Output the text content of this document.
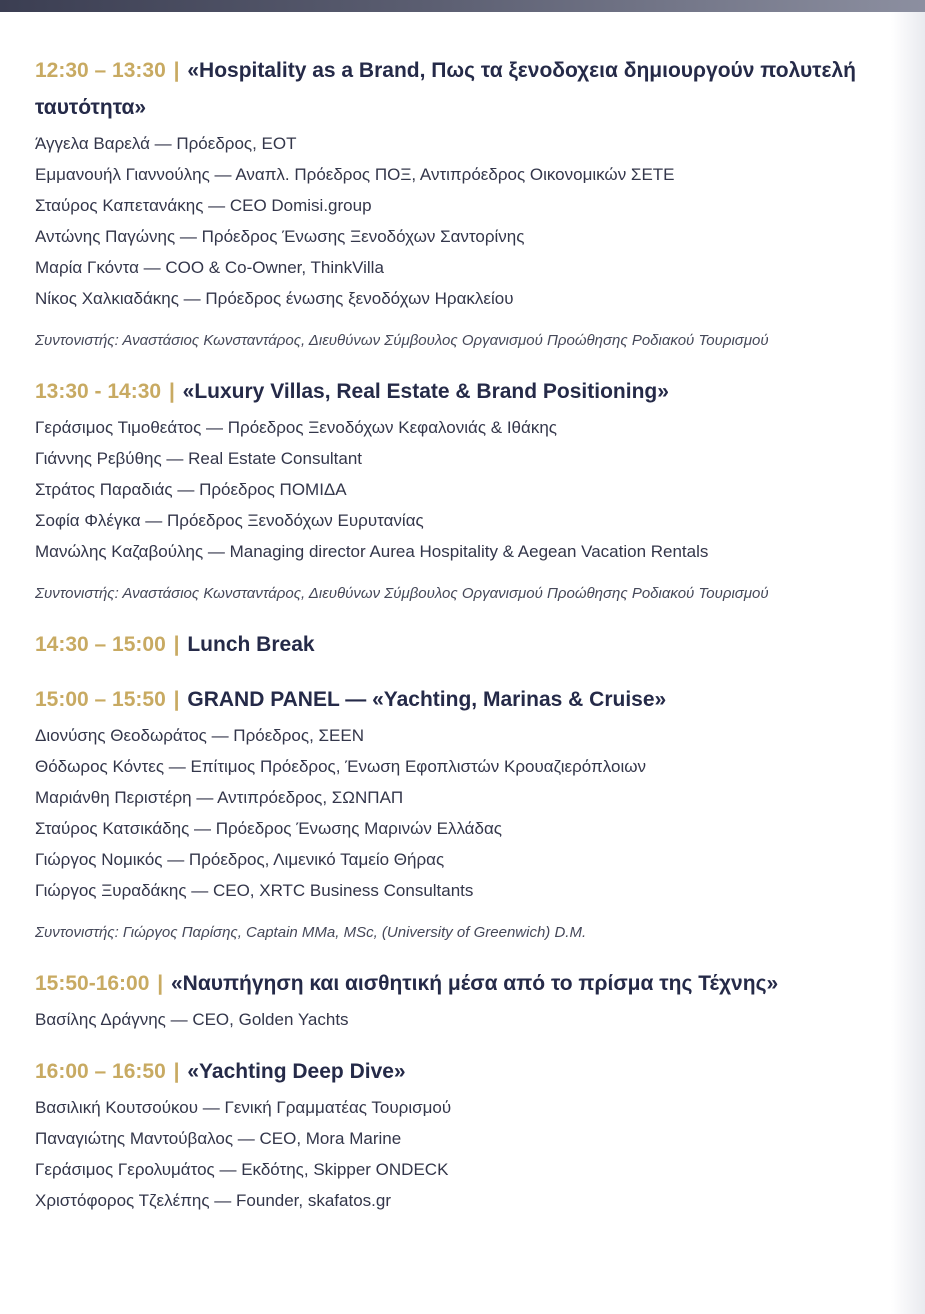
12:30 – 13:30 | «Hospitality as a Brand, Πως τα ξενοδοχεια δημιουργούν πολυτελή ταυτότητα»
Άγγελα Βαρελά — Πρόεδρος, ΕΟΤ
Εμμανουήλ Γιαννούλης — Αναπλ. Πρόεδρος ΠΟΞ, Αντιπρόεδρος Οικονομικών ΣΕΤΕ
Σταύρος Καπετανάκης — CEO Domisi.group
Αντώνης Παγώνης — Πρόεδρος Ένωσης Ξενοδόχων Σαντορίνης
Μαρία Γκόντα — COO & Co-Owner, ThinkVilla
Νίκος Χαλκιαδάκης — Πρόεδρος ένωσης ξενοδόχων Ηρακλείου
Συντονιστής: Αναστάσιος Κωνσταντάρος, Διευθύνων Σύμβουλος Οργανισμού Προώθησης Ροδιακού Τουρισμού
13:30 - 14:30 | «Luxury Villas, Real Estate & Brand Positioning»
Γεράσιμος Τιμοθεάτος — Πρόεδρος Ξενοδόχων Κεφαλονιάς & Ιθάκης
Γιάννης Ρεβύθης — Real Estate Consultant
Στράτος Παραδιάς — Πρόεδρος ΠΟΜΙΔΑ
Σοφία Φλέγκα — Πρόεδρος Ξενοδόχων Ευρυτανίας
Μανώλης Καζαβούλης — Managing director Aurea Hospitality & Aegean Vacation Rentals
Συντονιστής: Αναστάσιος Κωνσταντάρος, Διευθύνων Σύμβουλος Οργανισμού Προώθησης Ροδιακού Τουρισμού
14:30 – 15:00 | Lunch Break
15:00 – 15:50 | GRAND PANEL — «Yachting, Marinas & Cruise»
Διονύσης Θεοδωράτος — Πρόεδρος, ΣΕΕΝ
Θόδωρος Κόντες — Επίτιμος Πρόεδρος, Ένωση Εφοπλιστών Κρουαζιερόπλοιων
Μαριάνθη Περιστέρη — Αντιπρόεδρος, ΣΩΝΠΑΠ
Σταύρος Κατσικάδης — Πρόεδρος Ένωσης Μαρινών Ελλάδας
Γιώργος Νομικός — Πρόεδρος, Λιμενικό Ταμείο Θήρας
Γιώργος Ξυραδάκης — CEO, XRTC Business Consultants
Συντονιστής: Γιώργος Παρίσης, Captain MMa, MSc, (University of Greenwich) D.M.
15:50-16:00 | «Ναυπήγηση και αισθητική μέσα από το πρίσμα της Τέχνης»
Βασίλης Δράγνης — CEO, Golden Yachts
16:00 – 16:50 | «Yachting Deep Dive»
Βασιλική Κουτσούκου — Γενική Γραμματέας Τουρισμού
Παναγιώτης Μαντούβαλος — CEO, Mora Marine
Γεράσιμος Γερολυμάτος — Εκδότης, Skipper ONDECK
Χριστόφορος Τζελέπης — Founder, skafatos.gr
